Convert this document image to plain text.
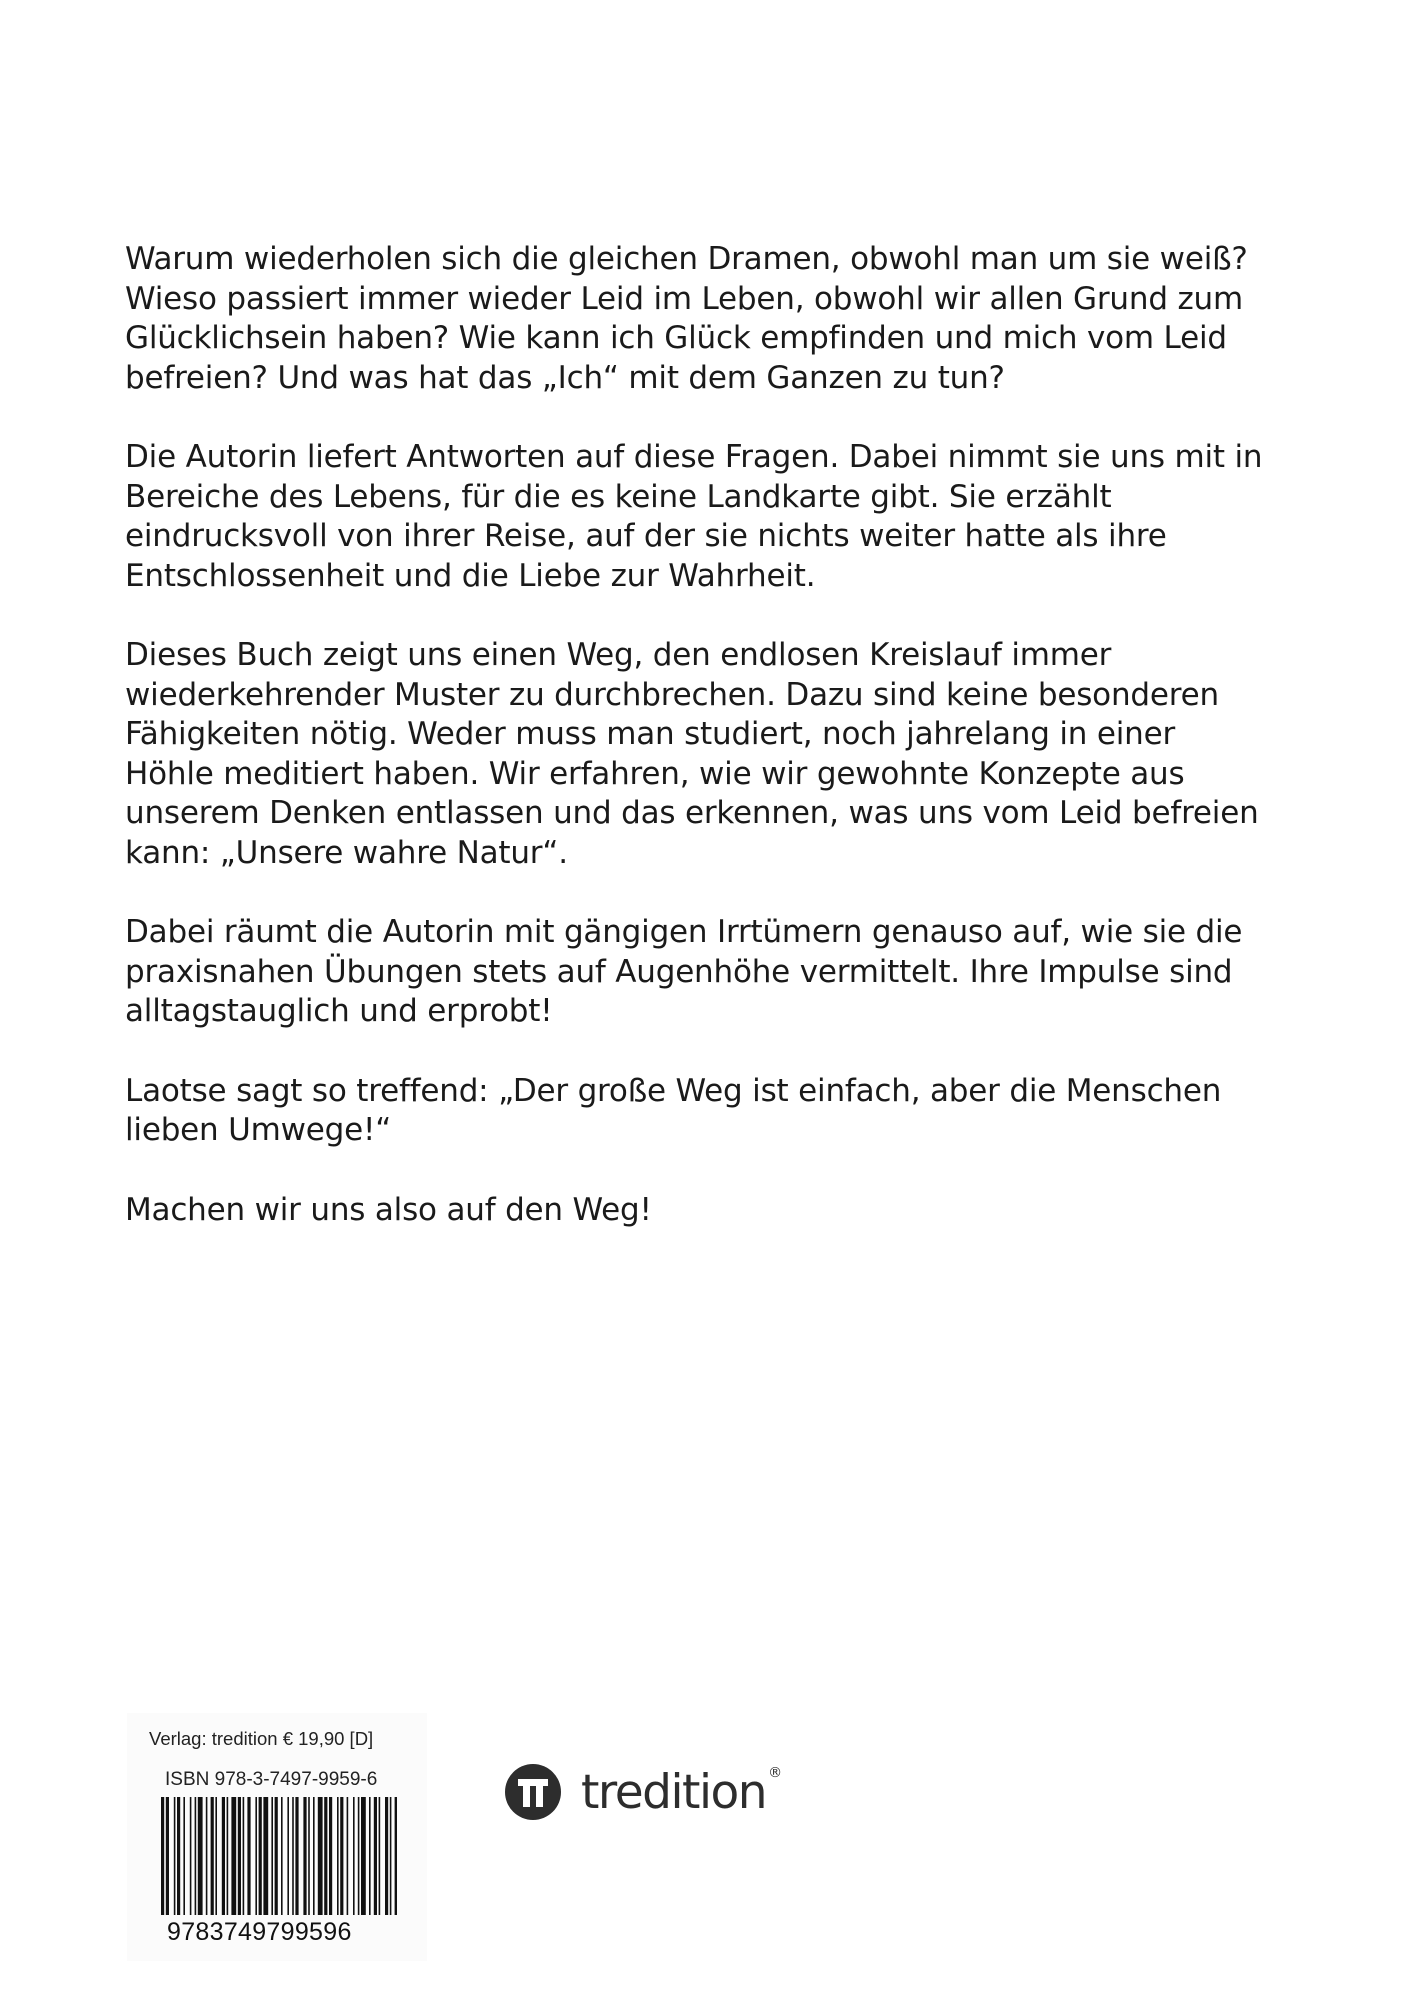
Warum wiederholen sich die gleichen Dramen, obwohl man um sie weiß?
Wieso passiert immer wieder Leid im Leben, obwohl wir allen Grund zum
Glücklichsein haben? Wie kann ich Glück empfinden und mich vom Leid
befreien? Und was hat das „Ich“ mit dem Ganzen zu tun?

Die Autorin liefert Antworten auf diese Fragen. Dabei nimmt sie uns mit in
Bereiche des Lebens, für die es keine Landkarte gibt. Sie erzählt
eindrucksvoll von ihrer Reise, auf der sie nichts weiter hatte als ihre
Entschlossenheit und die Liebe zur Wahrheit.

Dieses Buch zeigt uns einen Weg, den endlosen Kreislauf immer
wiederkehrender Muster zu durchbrechen. Dazu sind keine besonderen
Fähigkeiten nötig. Weder muss man studiert, noch jahrelang in einer
Höhle meditiert haben. Wir erfahren, wie wir gewohnte Konzepte aus
unserem Denken entlassen und das erkennen, was uns vom Leid befreien
kann: „Unsere wahre Natur“.

Dabei räumt die Autorin mit gängigen Irrtümern genauso auf, wie sie die
praxisnahen Übungen stets auf Augenhöhe vermittelt. Ihre Impulse sind
alltagstauglich und erprobt!

Laotse sagt so treffend: „Der große Weg ist einfach, aber die Menschen
lieben Umwege!“

Machen wir uns also auf den Weg!

Verlag: tredition € 19,90 [D]
ISBN 978-3-7497-9959-6
9783749799596
tredition ®
